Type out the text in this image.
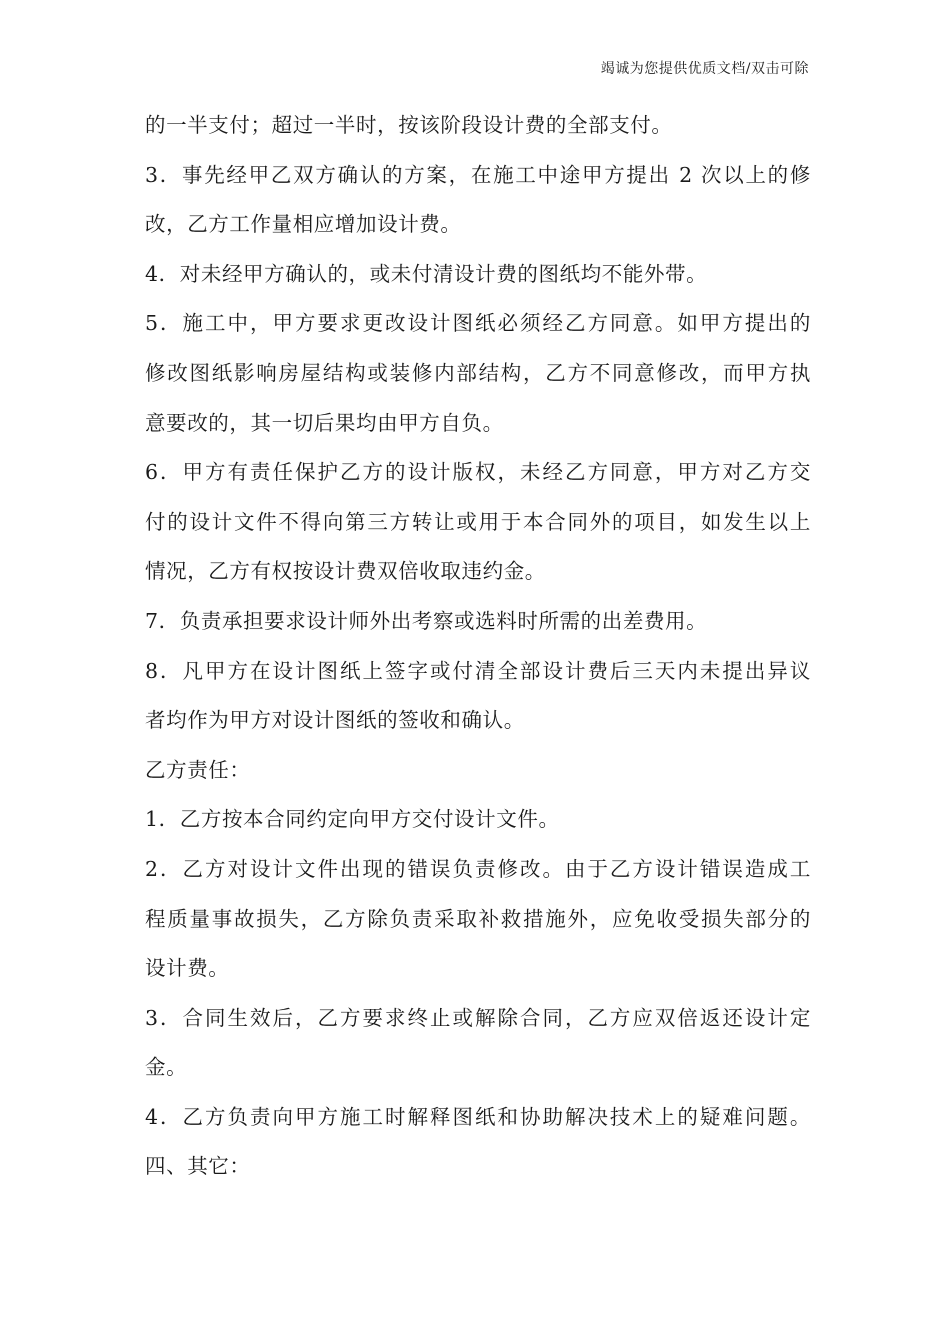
竭诚为您提供优质文档/双击可除
的一半支付；超过一半时，按该阶段设计费的全部支付。
3．事先经甲乙双方确认的方案，在施工中途甲方提出 2 次以上的修
改，乙方工作量相应增加设计费。
4．对未经甲方确认的，或未付清设计费的图纸均不能外带。
5．施工中，甲方要求更改设计图纸必须经乙方同意。如甲方提出的
修改图纸影响房屋结构或装修内部结构，乙方不同意修改，而甲方执
意要改的，其一切后果均由甲方自负。
6．甲方有责任保护乙方的设计版权，未经乙方同意，甲方对乙方交
付的设计文件不得向第三方转让或用于本合同外的项目，如发生以上
情况，乙方有权按设计费双倍收取违约金。
7．负责承担要求设计师外出考察或选料时所需的出差费用。
8．凡甲方在设计图纸上签字或付清全部设计费后三天内未提出异议
者均作为甲方对设计图纸的签收和确认。
乙方责任：
1．乙方按本合同约定向甲方交付设计文件。
2．乙方对设计文件出现的错误负责修改。由于乙方设计错误造成工
程质量事故损失，乙方除负责采取补救措施外，应免收受损失部分的
设计费。
3．合同生效后，乙方要求终止或解除合同，乙方应双倍返还设计定
金。
4．乙方负责向甲方施工时解释图纸和协助解决技术上的疑难问题。
四、其它：
